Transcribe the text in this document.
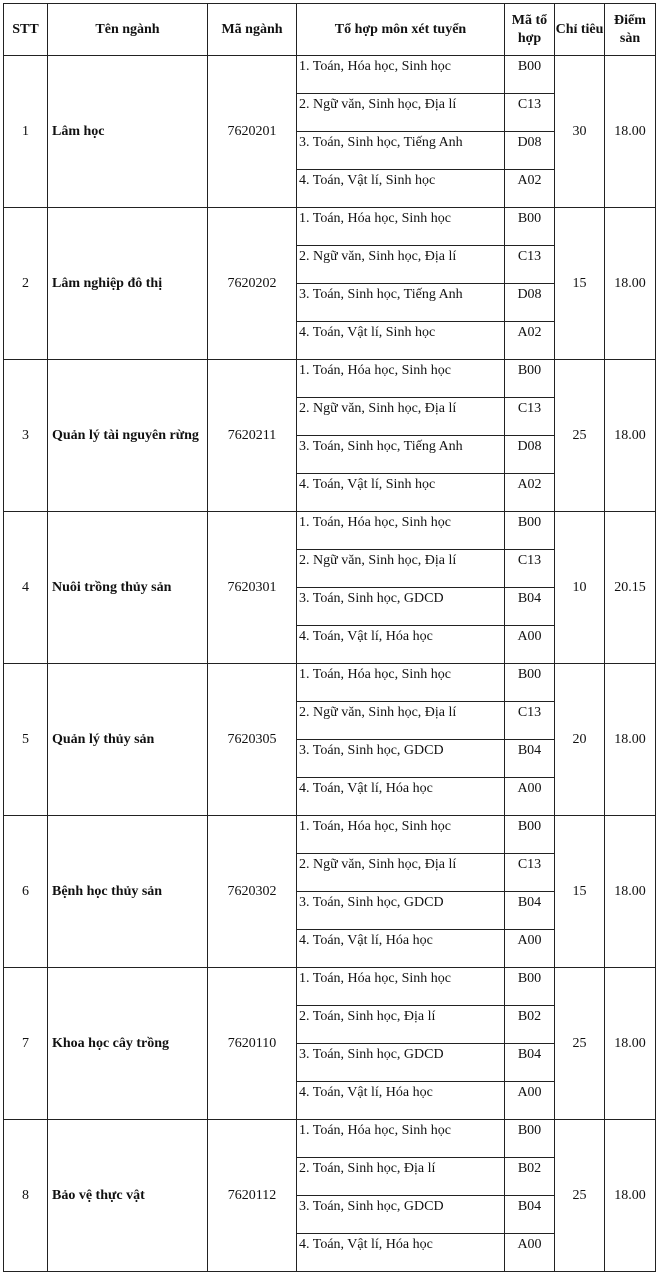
STT	Tên ngành	Mã ngành	Tổ hợp môn xét tuyển	Mã tổ hợp	Chỉ tiêu	Điểm sàn
1	Lâm học	7620201	1. Toán, Hóa học, Sinh học	B00	30	18.00
			2. Ngữ văn, Sinh học, Địa lí	C13		
			3. Toán, Sinh học, Tiếng Anh	D08		
			4. Toán, Vật lí, Sinh học	A02		
2	Lâm nghiệp đô thị	7620202	1. Toán, Hóa học, Sinh học	B00	15	18.00
			2. Ngữ văn, Sinh học, Địa lí	C13		
			3. Toán, Sinh học, Tiếng Anh	D08		
			4. Toán, Vật lí, Sinh học	A02		
3	Quản lý tài nguyên rừng	7620211	1. Toán, Hóa học, Sinh học	B00	25	18.00
			2. Ngữ văn, Sinh học, Địa lí	C13		
			3. Toán, Sinh học, Tiếng Anh	D08		
			4. Toán, Vật lí, Sinh học	A02		
4	Nuôi trồng thủy sản	7620301	1. Toán, Hóa học, Sinh học	B00	10	20.15
			2. Ngữ văn, Sinh học, Địa lí	C13		
			3. Toán, Sinh học, GDCD	B04		
			4. Toán, Vật lí, Hóa học	A00		
5	Quản lý thủy sản	7620305	1. Toán, Hóa học, Sinh học	B00	20	18.00
			2. Ngữ văn, Sinh học, Địa lí	C13		
			3. Toán, Sinh học, GDCD	B04		
			4. Toán, Vật lí, Hóa học	A00		
6	Bệnh học thủy sản	7620302	1. Toán, Hóa học, Sinh học	B00	15	18.00
			2. Ngữ văn, Sinh học, Địa lí	C13		
			3. Toán, Sinh học, GDCD	B04		
			4. Toán, Vật lí, Hóa học	A00		
7	Khoa học cây trồng	7620110	1. Toán, Hóa học, Sinh học	B00	25	18.00
			2. Toán, Sinh học, Địa lí	B02		
			3. Toán, Sinh học, GDCD	B04		
			4. Toán, Vật lí, Hóa học	A00		
8	Bảo vệ thực vật	7620112	1. Toán, Hóa học, Sinh học	B00	25	18.00
			2. Toán, Sinh học, Địa lí	B02		
			3. Toán, Sinh học, GDCD	B04		
			4. Toán, Vật lí, Hóa học	A00		
